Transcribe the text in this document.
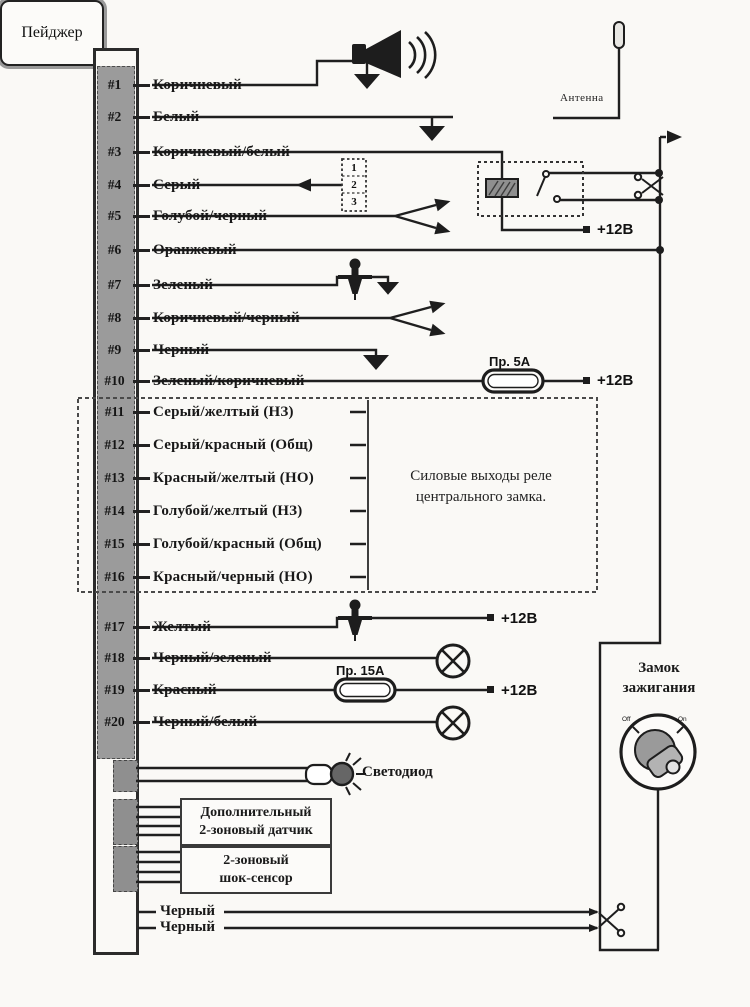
#1	Коричневый
#2	Белый
#3	Коричневый/белый
#4	Серый
#5	Голубой/черный
#6	Оранжевый
#7	Зеленый
#8	Коричневый/черный
#9	Черный
#10	Зеленый/коричневый
#11	Серый/желтый (НЗ)
#12	Серый/красный (Общ)
#13	Красный/желтый (НО)
#14	Голубой/желтый (НЗ)
#15	Голубой/красный (Общ)
#16	Красный/черный (НО)
#17	Желтый
#18	Черный/зеленый
#19	Красный
#20	Черный/белый
Пейджер
Антенна
1
2
3
+12В
+12В
+12В
+12В
Пр. 5А
Пр. 15А
Силовые выходы реле
центрального замка.
Замок
зажигания
Off	On
Светодиод
Дополнительный
2-зоновый датчик
2-зоновый
шок-сенсор
Черный
Черный
